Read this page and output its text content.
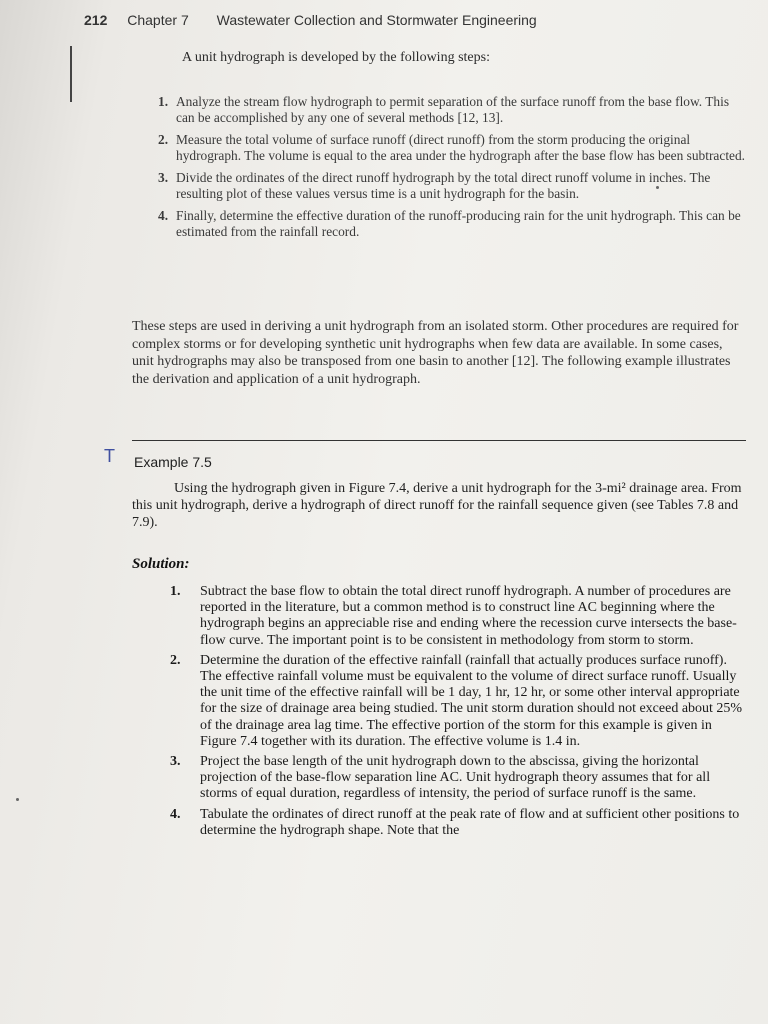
212 Chapter 7 Wastewater Collection and Stormwater Engineering
A unit hydrograph is developed by the following steps:
1. Analyze the stream flow hydrograph to permit separation of the surface runoff from the base flow. This can be accomplished by any one of several methods [12, 13].
2. Measure the total volume of surface runoff (direct runoff) from the storm producing the original hydrograph. The volume is equal to the area under the hydrograph after the base flow has been subtracted.
3. Divide the ordinates of the direct runoff hydrograph by the total direct runoff volume in inches. The resulting plot of these values versus time is a unit hydrograph for the basin.
4. Finally, determine the effective duration of the runoff-producing rain for the unit hydrograph. This can be estimated from the rainfall record.
These steps are used in deriving a unit hydrograph from an isolated storm. Other procedures are required for complex storms or for developing synthetic unit hydrographs when few data are available. In some cases, unit hydrographs may also be transposed from one basin to another [12]. The following example illustrates the derivation and application of a unit hydrograph.
T Example 7.5
Using the hydrograph given in Figure 7.4, derive a unit hydrograph for the 3-mi² drainage area. From this unit hydrograph, derive a hydrograph of direct runoff for the rainfall sequence given (see Tables 7.8 and 7.9).
Solution:
1. Subtract the base flow to obtain the total direct runoff hydrograph. A number of procedures are reported in the literature, but a common method is to construct line AC beginning where the hydrograph begins an appreciable rise and ending where the recession curve intersects the base-flow curve. The important point is to be consistent in methodology from storm to storm.
2. Determine the duration of the effective rainfall (rainfall that actually produces surface runoff). The effective rainfall volume must be equivalent to the volume of direct surface runoff. Usually the unit time of the effective rainfall will be 1 day, 1 hr, 12 hr, or some other interval appropriate for the size of drainage area being studied. The unit storm duration should not exceed about 25% of the drainage area lag time. The effective portion of the storm for this example is given in Figure 7.4 together with its duration. The effective volume is 1.4 in.
3. Project the base length of the unit hydrograph down to the abscissa, giving the horizontal projection of the base-flow separation line AC. Unit hydrograph theory assumes that for all storms of equal duration, regardless of intensity, the period of surface runoff is the same.
4. Tabulate the ordinates of direct runoff at the peak rate of flow and at sufficient other positions to determine the hydrograph shape. Note that the
